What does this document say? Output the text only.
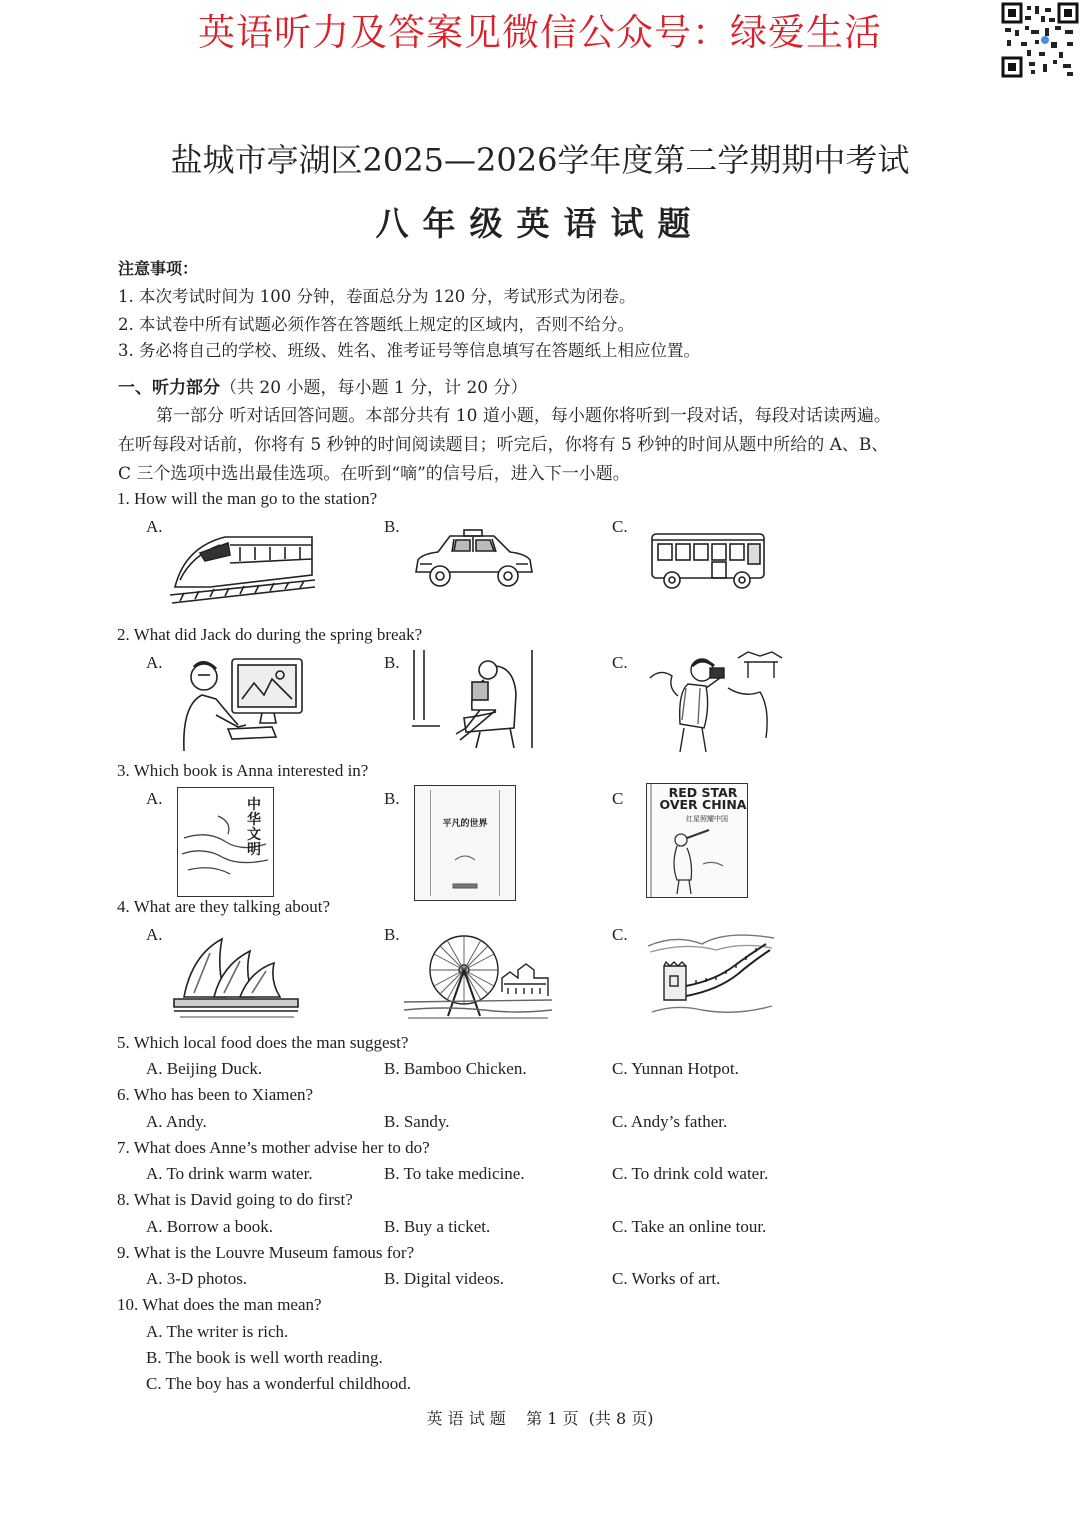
英语听力及答案见微信公众号：绿爱生活
盐城市亭湖区2025—2026学年度第二学期期中考试
八年级英语试题
注意事项：
1. 本次考试时间为 100 分钟，卷面总分为 120 分，考试形式为闭卷。
2. 本试卷中所有试题必须作答在答题纸上规定的区域内，否则不给分。
3. 务必将自己的学校、班级、姓名、准考证号等信息填写在答题纸上相应位置。
一、听力部分（共 20 小题，每小题 1 分，计 20 分）
第一部分 听对话回答问题。本部分共有 10 道小题，每小题你将听到一段对话，每段对话读两遍。
在听每段对话前，你将有 5 秒钟的时间阅读题目；听完后，你将有 5 秒钟的时间从题中所给的 A、B、
C 三个选项中选出最佳选项。在听到“嘀”的信号后，进入下一小题。
1. How will the man go to the station?
A.	B.	C.
2. What did Jack do during the spring break?
A.	B.	C.
3. Which book is Anna interested in?
A.	B.	C
中华文明
平凡的世界
RED STAR OVER CHINA
红星照耀中国
4. What are they talking about?
A.	B.	C.
5. Which local food does the man suggest?
A. Beijing Duck.	B. Bamboo Chicken.	C. Yunnan Hotpot.
6. Who has been to Xiamen?
A. Andy.	B. Sandy.	C. Andy’s father.
7. What does Anne’s mother advise her to do?
A. To drink warm water.	B. To take medicine.	C. To drink cold water.
8. What is David going to do first?
A. Borrow a book.	B. Buy a ticket.	C. Take an online tour.
9. What is the Louvre Museum famous for?
A. 3-D photos.	B. Digital videos.	C. Works of art.
10. What does the man mean?
A. The writer is rich.
B. The book is well worth reading.
C. The boy has a wonderful childhood.
英 语 试 题    第 1 页  (共 8 页)
